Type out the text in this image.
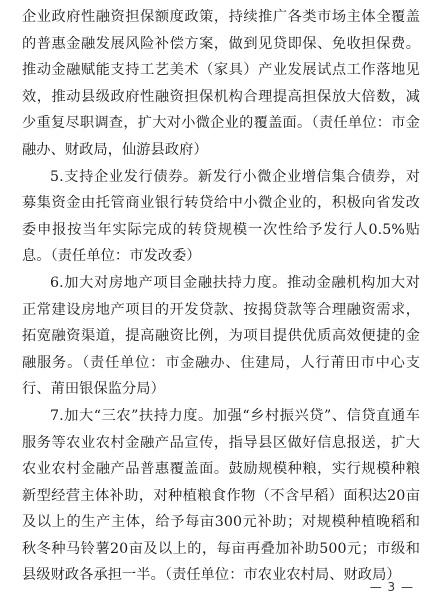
企业政府性融资担保额度政策，持续推广各类市场主体全覆盖的普惠金融发展风险补偿方案，做到见贷即保、免收担保费。推动金融赋能支持工艺美术（家具）产业发展试点工作落地见效，推动县级政府性融资担保机构合理提高担保放大倍数，减少重复尽职调查，扩大对小微企业的覆盖面。（责任单位：市金融办、财政局，仙游县政府）

5.支持企业发行债券。新发行小微企业增信集合债券，对募集资金由托管商业银行转贷给中小微企业的，积极向省发改委申报按当年实际完成的转贷规模一次性给予发行人0.5%贴息。（责任单位：市发改委）

6.加大对房地产项目金融扶持力度。推动金融机构加大对正常建设房地产项目的开发贷款、按揭贷款等合理融资需求，拓宽融资渠道，提高融资比例，为项目提供优质高效便捷的金融服务。（责任单位：市金融办、住建局，人行莆田市中心支行、莆田银保监分局）

7.加大“三农”扶持力度。加强“乡村振兴贷”、信贷直通车服务等农业农村金融产品宣传，指导县区做好信息报送，扩大农业农村金融产品普惠覆盖面。鼓励规模种粮，实行规模种粮新型经营主体补助，对种植粮食作物（不含早稻）面积达20亩及以上的生产主体，给予每亩300元补助；对规模种植晚稻和秋冬种马铃薯20亩及以上的，每亩再叠加补助500元；市级和县级财政各承担一半。（责任单位：市农业农村局、财政局）

— 3 —
